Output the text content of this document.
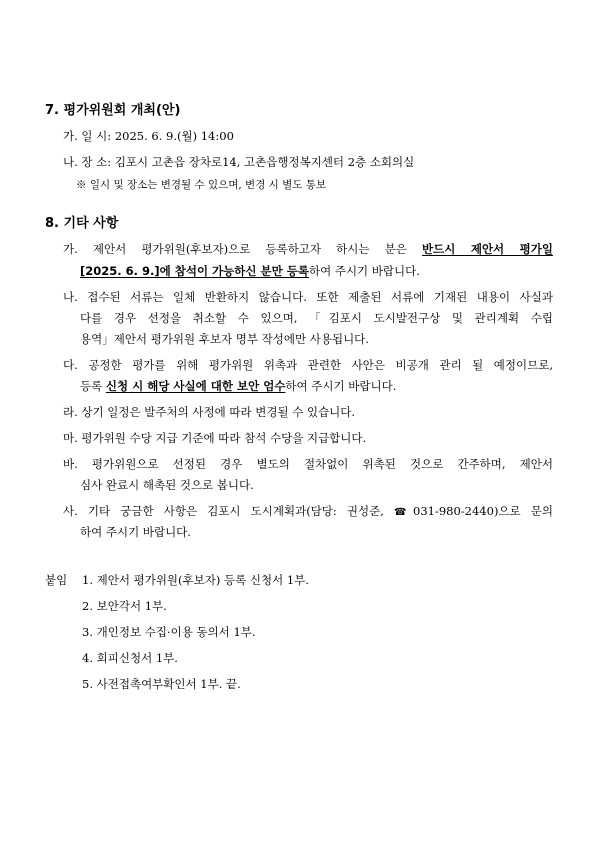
7. 평가위원회 개최(안)
가. 일 시: 2025. 6. 9.(월) 14:00
나. 장 소: 김포시 고촌읍 장차로14, 고촌읍행정복지센터 2층 소회의실
※ 일시 및 장소는 변경될 수 있으며, 변경 시 별도 통보
8. 기타 사항
가. 제안서 평가위원(후보자)으로 등록하고자 하시는 분은 반드시 제안서 평가일
[2025. 6. 9.]에 참석이 가능하신 분만 등록하여 주시기 바랍니다.
나. 접수된 서류는 일체 반환하지 않습니다. 또한 제출된 서류에 기재된 내용이 사실과
다를 경우 선정을 취소할 수 있으며, 「김포시 도시발전구상 및 관리계획 수립
용역」제안서 평가위원 후보자 명부 작성에만 사용됩니다.
다. 공정한 평가를 위해 평가위원 위촉과 관련한 사안은 비공개 관리 될 예정이므로,
등록 신청 시 해당 사실에 대한 보안 엄수하여 주시기 바랍니다.
라. 상기 일정은 발주처의 사정에 따라 변경될 수 있습니다.
마. 평가위원 수당 지급 기준에 따라 참석 수당을 지급합니다.
바. 평가위원으로 선정된 경우 별도의 절차없이 위촉된 것으로 간주하며, 제안서
심사 완료시 해촉된 것으로 봅니다.
사. 기타 궁금한 사항은 김포시 도시계획과(담당: 권성준, ☎031-980-2440)으로 문의
하여 주시기 바랍니다.
붙임 1. 제안서 평가위원(후보자) 등록 신청서 1부.
2. 보안각서 1부.
3. 개인정보 수집·이용 동의서 1부.
4. 회피신청서 1부.
5. 사전접촉여부확인서 1부. 끝.
